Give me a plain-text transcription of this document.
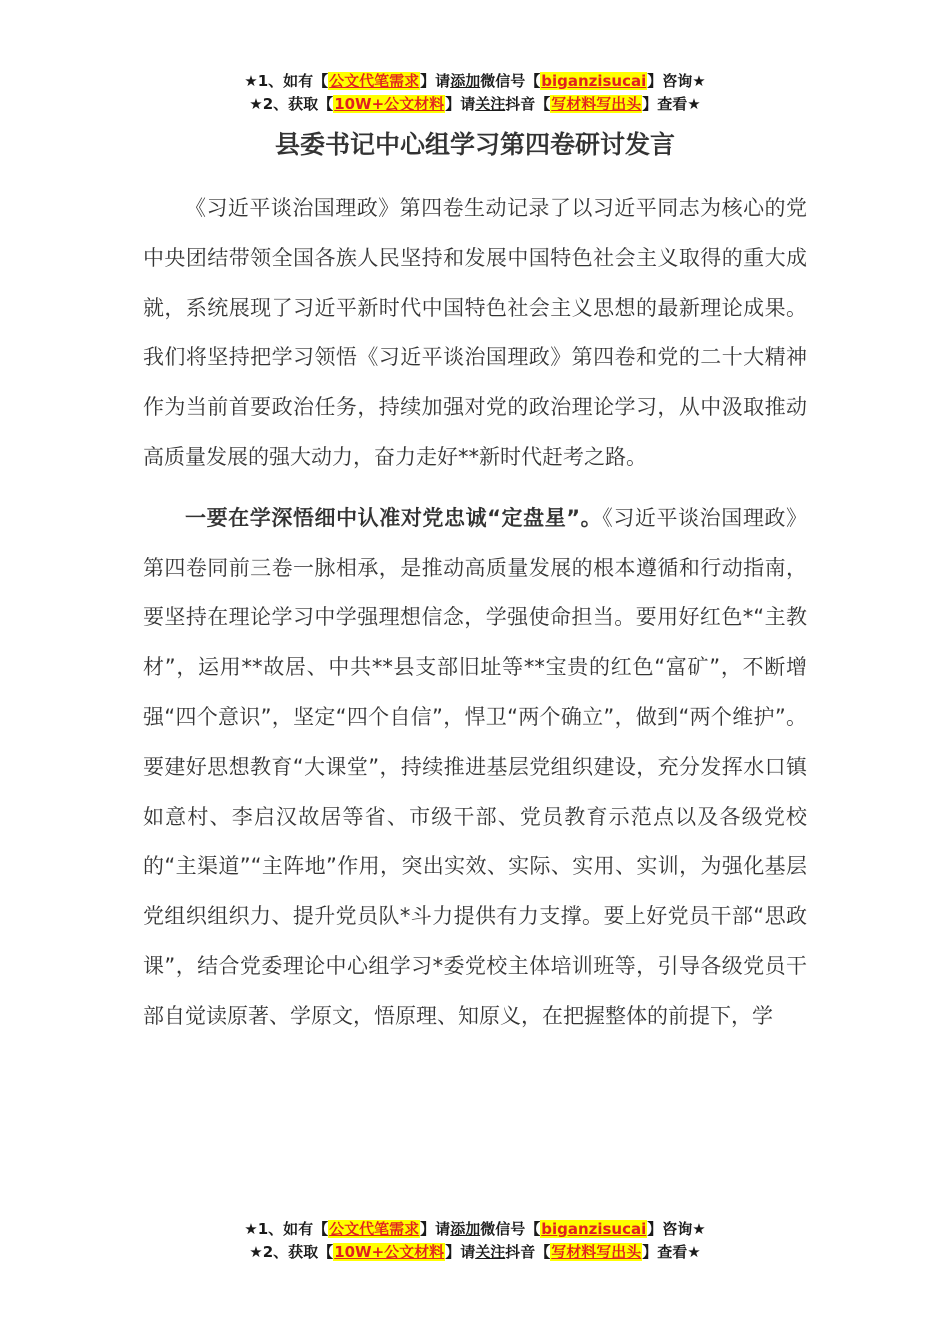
★1、如有【公文代笔需求】请添加微信号【biganzisucai】咨询★
★2、获取【10W+公文材料】请关注抖音【写材料写出头】查看★
县委书记中心组学习第四卷研讨发言

《习近平谈治国理政》第四卷生动记录了以习近平同志为核心的党中央团结带领全国各族人民坚持和发展中国特色社会主义取得的重大成就，系统展现了习近平新时代中国特色社会主义思想的最新理论成果。我们将坚持把学习领悟《习近平谈治国理政》第四卷和党的二十大精神作为当前首要政治任务，持续加强对党的政治理论学习，从中汲取推动高质量发展的强大动力，奋力走好**新时代赶考之路。

一要在学深悟细中认准对党忠诚“定盘星”。《习近平谈治国理政》第四卷同前三卷一脉相承，是推动高质量发展的根本遵循和行动指南，要坚持在理论学习中学强理想信念，学强使命担当。要用好红色*“主教材”，运用**故居、中共**县支部旧址等**宝贵的红色“富矿”，不断增强“四个意识”，坚定“四个自信”，悍卫“两个确立”，做到“两个维护”。要建好思想教育“大课堂”，持续推进基层党组织建设，充分发挥水口镇如意村、李启汉故居等省、市级干部、党员教育示范点以及各级党校的“主渠道”“主阵地”作用，突出实效、实际、实用、实训，为强化基层党组织组织力、提升党员队*斗力提供有力支撑。要上好党员干部“思政课”，结合党委理论中心组学习*委党校主体培训班等，引导各级党员干部自觉读原著、学原文，悟原理、知原义，在把握整体的前提下，学

★1、如有【公文代笔需求】请添加微信号【biganzisucai】咨询★
★2、获取【10W+公文材料】请关注抖音【写材料写出头】查看★
